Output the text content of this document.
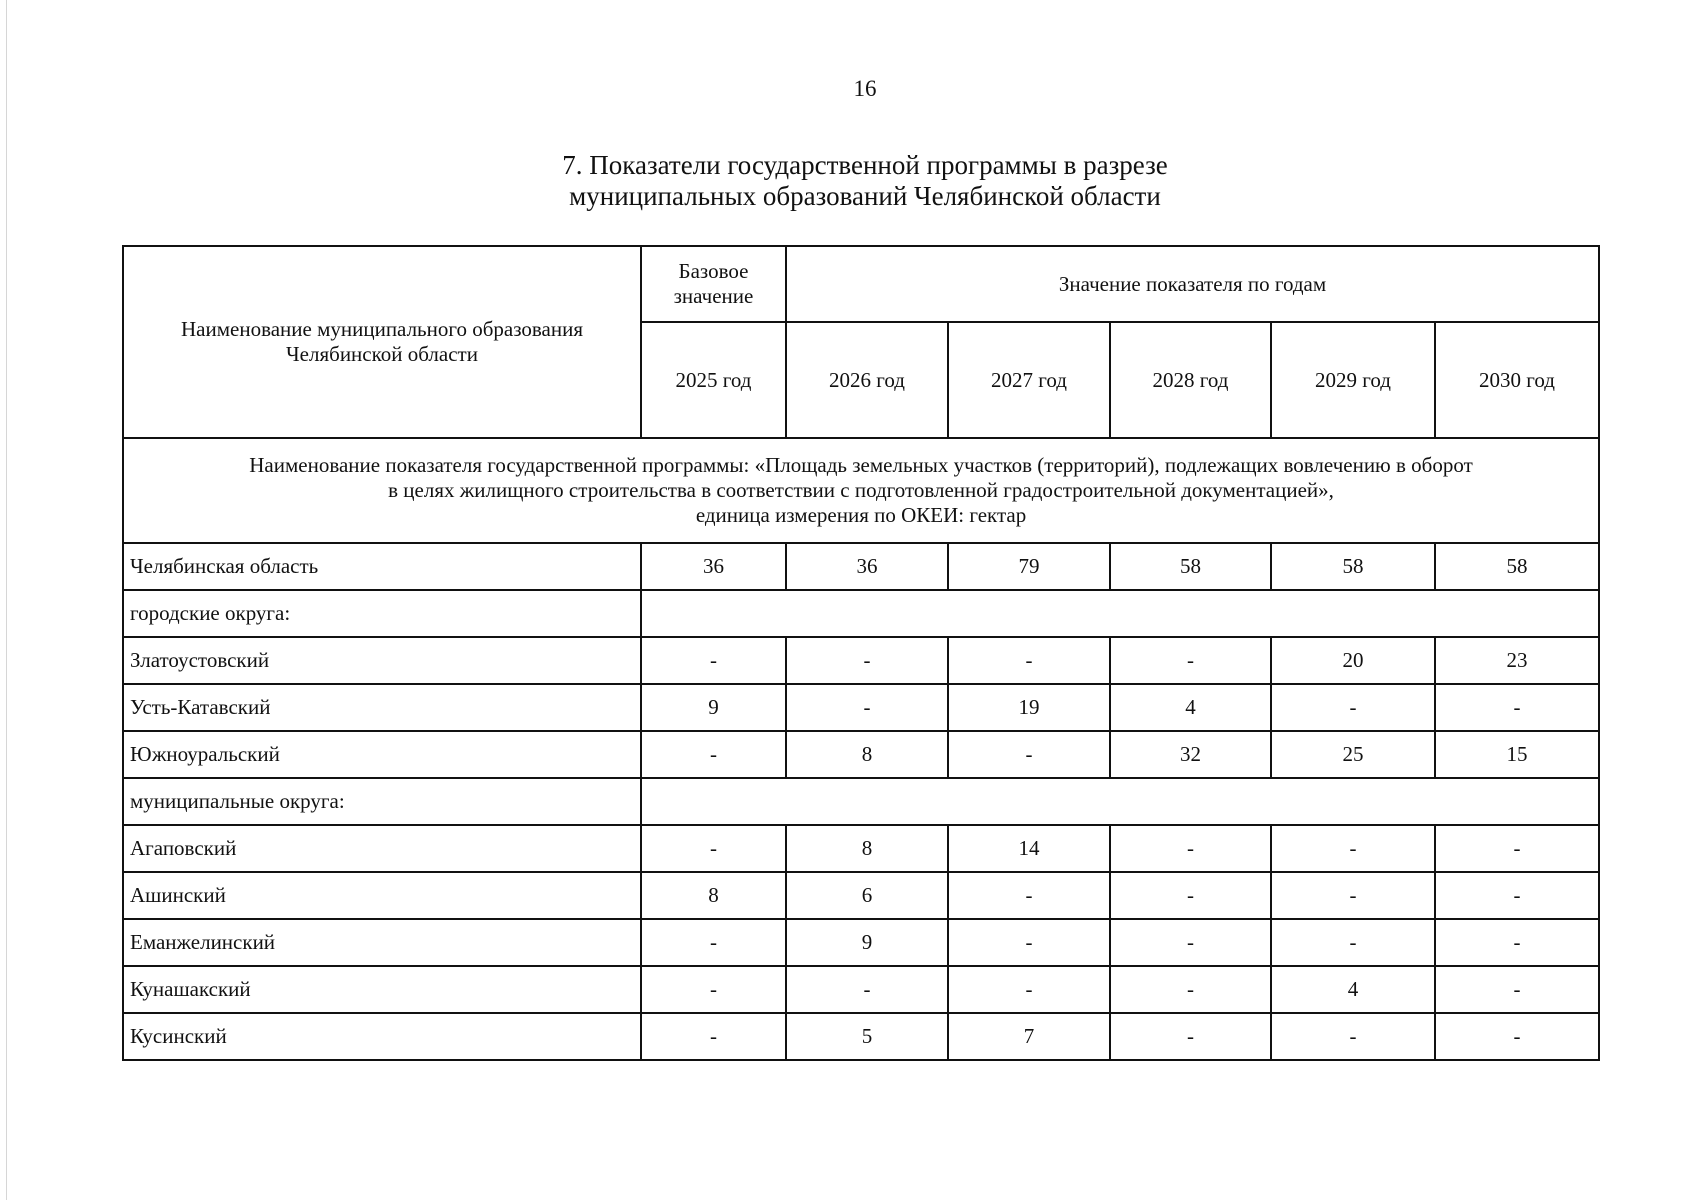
16
7. Показатели государственной программы в разрезе
муниципальных образований Челябинской области
Наименование муниципального образования Челябинской области	Базовое значение	Значение показателя по годам				
	2025 год	2026 год	2027 год	2028 год	2029 год	2030 год

Наименование показателя государственной программы: «Площадь земельных участков (территорий), подлежащих вовлечению в оборот

в целях жилищного строительства в соответствии с подготовленной градостроительной документацией»,

единица измерения по ОКЕИ: гектар						

Челябинская область	36	36	79	58	58	58
городские округа:						
Златоустовский	-	-	-	-	20	23
Усть-Катавский	9	-	19	4	-	-
Южноуральский	-	8	-	32	25	15
муниципальные округа:						
Агаповский	-	8	14	-	-	-
Ашинский	8	6	-	-	-	-
Еманжелинский	-	9	-	-	-	-
Кунашакский	-	-	-	-	4	-
Кусинский	-	5	7	-	-	-
